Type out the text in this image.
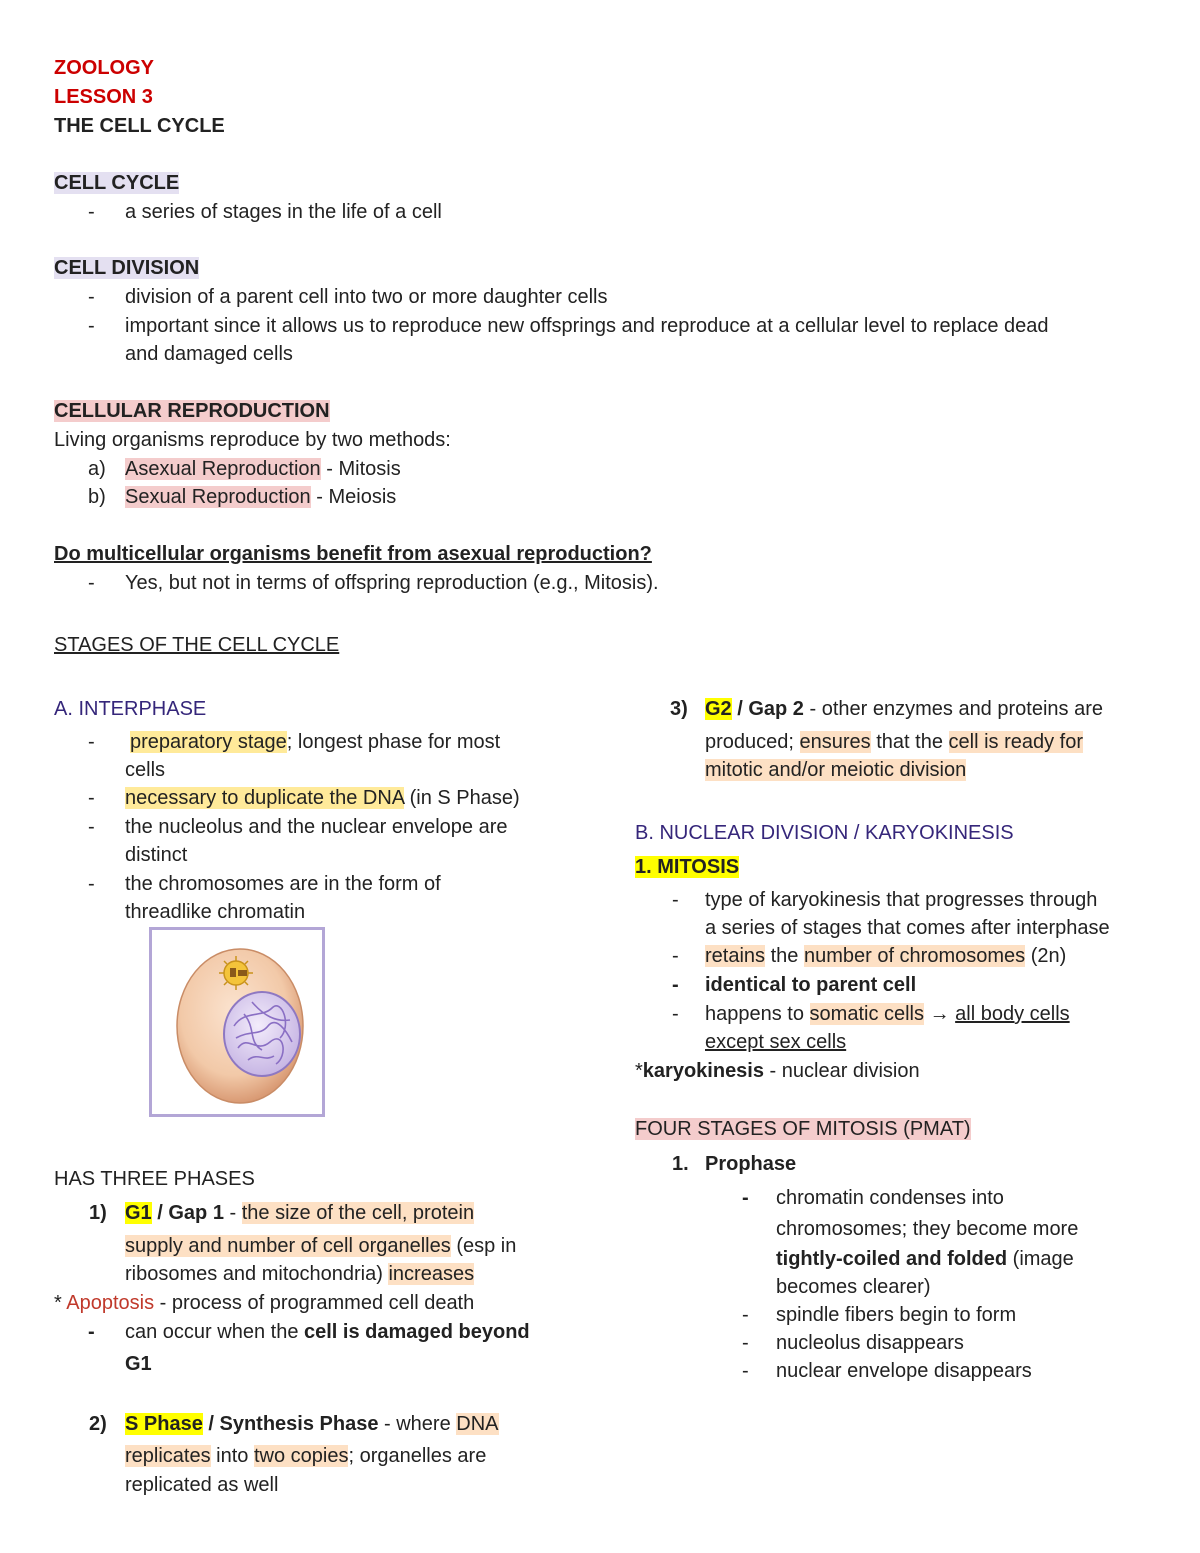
ZOOLOGY
LESSON 3
THE CELL CYCLE
CELL CYCLE
- a series of stages in the life of a cell
CELL DIVISION
- division of a parent cell into two or more daughter cells
- important since it allows us to reproduce new offsprings and reproduce at a cellular level to replace dead
and damaged cells
CELLULAR REPRODUCTION
Living organisms reproduce by two methods:
a) Asexual Reproduction - Mitosis
b) Sexual Reproduction - Meiosis
Do multicellular organisms benefit from asexual reproduction?
- Yes, but not in terms of offspring reproduction (e.g., Mitosis).
STAGES OF THE CELL CYCLE
A. INTERPHASE
- preparatory stage; longest phase for most
cells
- necessary to duplicate the DNA (in S Phase)
- the nucleolus and the nuclear envelope are
distinct
- the chromosomes are in the form of
threadlike chromatin
HAS THREE PHASES
1) G1 / Gap 1 - the size of the cell, protein
supply and number of cell organelles (esp in
ribosomes and mitochondria) increases
* Apoptosis - process of programmed cell death
- can occur when the cell is damaged beyond
G1
2) S Phase / Synthesis Phase - where DNA
replicates into two copies; organelles are
replicated as well
3) G2 / Gap 2 - other enzymes and proteins are
produced; ensures that the cell is ready for
mitotic and/or meiotic division
B. NUCLEAR DIVISION / KARYOKINESIS
1. MITOSIS
- type of karyokinesis that progresses through
a series of stages that comes after interphase
- retains the number of chromosomes (2n)
- identical to parent cell
- happens to somatic cells → all body cells
except sex cells
*karyokinesis - nuclear division
FOUR STAGES OF MITOSIS (PMAT)
1. Prophase
- chromatin condenses into
chromosomes; they become more
tightly-coiled and folded (image
becomes clearer)
- spindle fibers begin to form
- nucleolus disappears
- nuclear envelope disappears
